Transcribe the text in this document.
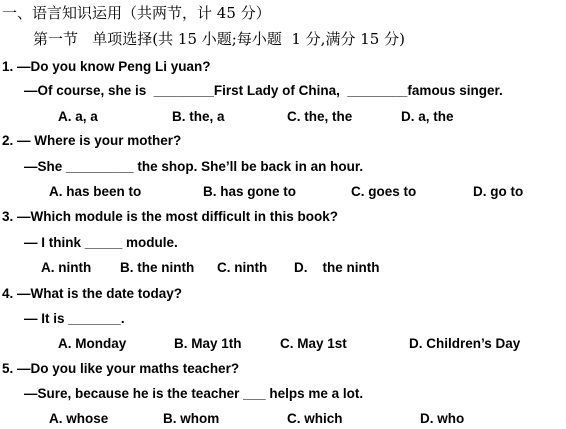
一、语言知识运用（共两节，计 45 分）
第一节   单项选择(共 15 小题;每小题  1 分,满分 15 分)
1. —Do you know Peng Li yuan?
—Of course, she is  ________First Lady of China,  ________famous singer.
A. a, a	B. the, a	C. the, the	D. a, the
2. — Where is your mother?
—She _________ the shop. She’ll be back in an hour.
A. has been to	B. has gone to	C. goes to	D. go to
3. —Which module is the most difficult in this book?
— I think _____ module.
A. ninth B. the ninth C. ninth D.    the ninth
4. —What is the date today?
— It is _______.
A. Monday	B. May 1th	C. May 1st	D. Children’s Day
5. —Do you like your maths teacher?
—Sure, because he is the teacher ___ helps me a lot.
A. whose	B. whom	C. which	D. who
